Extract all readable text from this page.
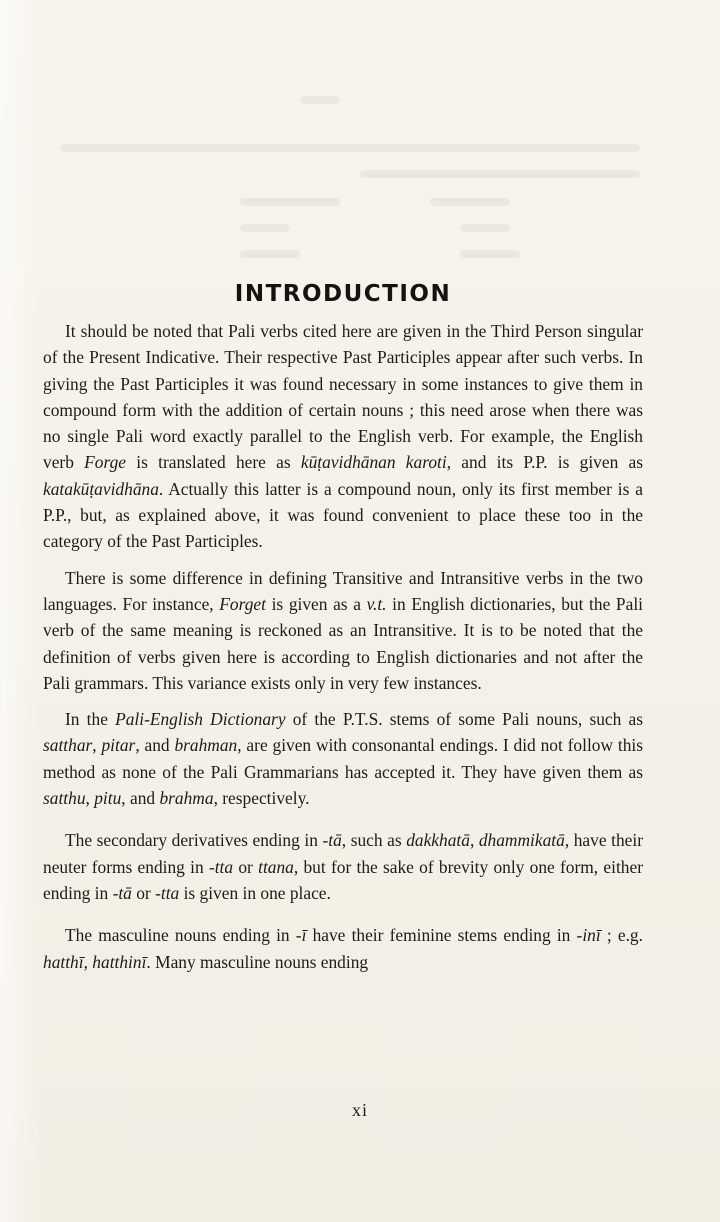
INTRODUCTION

It should be noted that Pali verbs cited here are given in the Third Person singular of the Present Indicative. Their respective Past Participles appear after such verbs. In giving the Past Participles it was found necessary in some instances to give them in compound form with the addition of certain nouns ; this need arose when there was no single Pali word exactly parallel to the English verb. For example, the English verb Forge is translated here as kūṭavidhānan karoti, and its P.P. is given as katakūṭavidhāna. Actually this latter is a compound noun, only its first member is a P.P., but, as explained above, it was found convenient to place these too in the category of the Past Participles.

There is some difference in defining Transitive and Intransitive verbs in the two languages. For instance, Forget is given as a v.t. in English dictionaries, but the Pali verb of the same meaning is reckoned as an Intransitive. It is to be noted that the definition of verbs given here is according to English dictionaries and not after the Pali grammars. This variance exists only in very few instances.

In the Pali-English Dictionary of the P.T.S. stems of some Pali nouns, such as satthar, pitar, and brahman, are given with consonantal endings. I did not follow this method as none of the Pali Grammarians has accepted it. They have given them as satthu, pitu, and brahma, respectively.

The secondary derivatives ending in -tā, such as dakkhatā, dhammikatā, have their neuter forms ending in -tta or ttana, but for the sake of brevity only one form, either ending in -tā or -tta is given in one place.

The masculine nouns ending in -ī have their feminine stems ending in -inī ; e.g. hatthī, hatthinī. Many masculine nouns ending

xi
